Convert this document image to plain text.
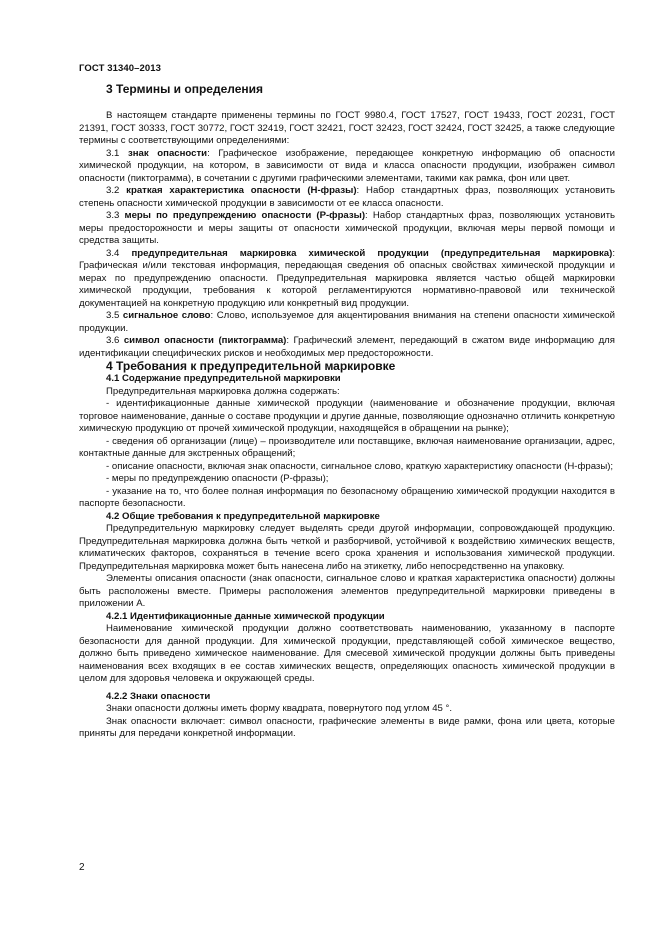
ГОСТ 31340–2013
3 Термины и определения

В настоящем стандарте применены термины по ГОСТ 9980.4, ГОСТ 17527, ГОСТ 19433, ГОСТ 20231, ГОСТ 21391, ГОСТ 30333, ГОСТ 30772, ГОСТ 32419, ГОСТ 32421, ГОСТ 32423, ГОСТ 32424, ГОСТ 32425, а также следующие термины с соответствующими определениями:

3.1 знак опасности: Графическое изображение, передающее конкретную информацию об опасности химической продукции, на котором, в зависимости от вида и класса опасности продукции, изображен символ опасности (пиктограмма), в сочетании с другими графическими элементами, такими как рамка, фон или цвет.

3.2 краткая характеристика опасности (Н-фразы): Набор стандартных фраз, позволяющих установить степень опасности химической продукции в зависимости от ее класса опасности.

3.3 меры по предупреждению опасности (Р-фразы): Набор стандартных фраз, позволяющих установить меры предосторожности и меры защиты от опасности химической продукции, включая меры первой помощи и средства защиты.

3.4 предупредительная маркировка химической продукции (предупредительная маркировка): Графическая и/или текстовая информация, передающая сведения об опасных свойствах химической продукции и мерах по предупреждению опасности. Предупредительная маркировка является частью общей маркировки химической продукции, требования к которой регламентируются нормативно-правовой или технической документацией на конкретную продукцию или конкретный вид продукции.

3.5 сигнальное слово: Слово, используемое для акцентирования внимания на степени опасности химической продукции.

3.6 символ опасности (пиктограмма): Графический элемент, передающий в сжатом виде информацию для идентификации специфических рисков и необходимых мер предосторожности.

4 Требования к предупредительной маркировке
4.1 Содержание предупредительной маркировки

Предупредительная маркировка должна содержать:

- идентификационные данные химической продукции (наименование и обозначение продукции, включая торговое наименование, данные о составе продукции и другие данные, позволяющие однозначно отличить конкретную химическую продукцию от прочей химической продукции, находящейся в обращении на рынке);

- сведения об организации (лице) – производителе или поставщике, включая наименование организации, адрес, контактные данные для экстренных обращений;

- описание опасности, включая знак опасности, сигнальное слово, краткую характеристику опасности (Н-фразы);

- меры по предупреждению опасности (Р-фразы);

- указание на то, что более полная информация по безопасному обращению химической продукции находится в паспорте безопасности.

4.2 Общие требования к предупредительной маркировке

Предупредительную маркировку следует выделять среди другой информации, сопровождающей продукцию. Предупредительная маркировка должна быть четкой и разборчивой, устойчивой к воздействию химических веществ, климатических факторов, сохраняться в течение всего срока хранения и использования химической продукции. Предупредительная маркировка может быть нанесена либо на этикетку, либо непосредственно на упаковку.

Элементы описания опасности (знак опасности, сигнальное слово и краткая характеристика опасности) должны быть расположены вместе. Примеры расположения элементов предупредительной маркировки приведены в приложении А.

4.2.1 Идентификационные данные химической продукции

Наименование химической продукции должно соответствовать наименованию, указанному в паспорте безопасности для данной продукции. Для химической продукции, представляющей собой химическое вещество, должно быть приведено химическое наименование. Для смесевой химической продукции должны быть приведены наименования всех входящих в ее состав химических веществ, определяющих опасность химической продукции в целом для здоровья человека и окружающей среды.

4.2.2 Знаки опасности

Знаки опасности должны иметь форму квадрата, повернутого под углом 45 °.

Знак опасности включает: символ опасности, графические элементы в виде рамки, фона или цвета, которые приняты для передачи конкретной информации.

2
